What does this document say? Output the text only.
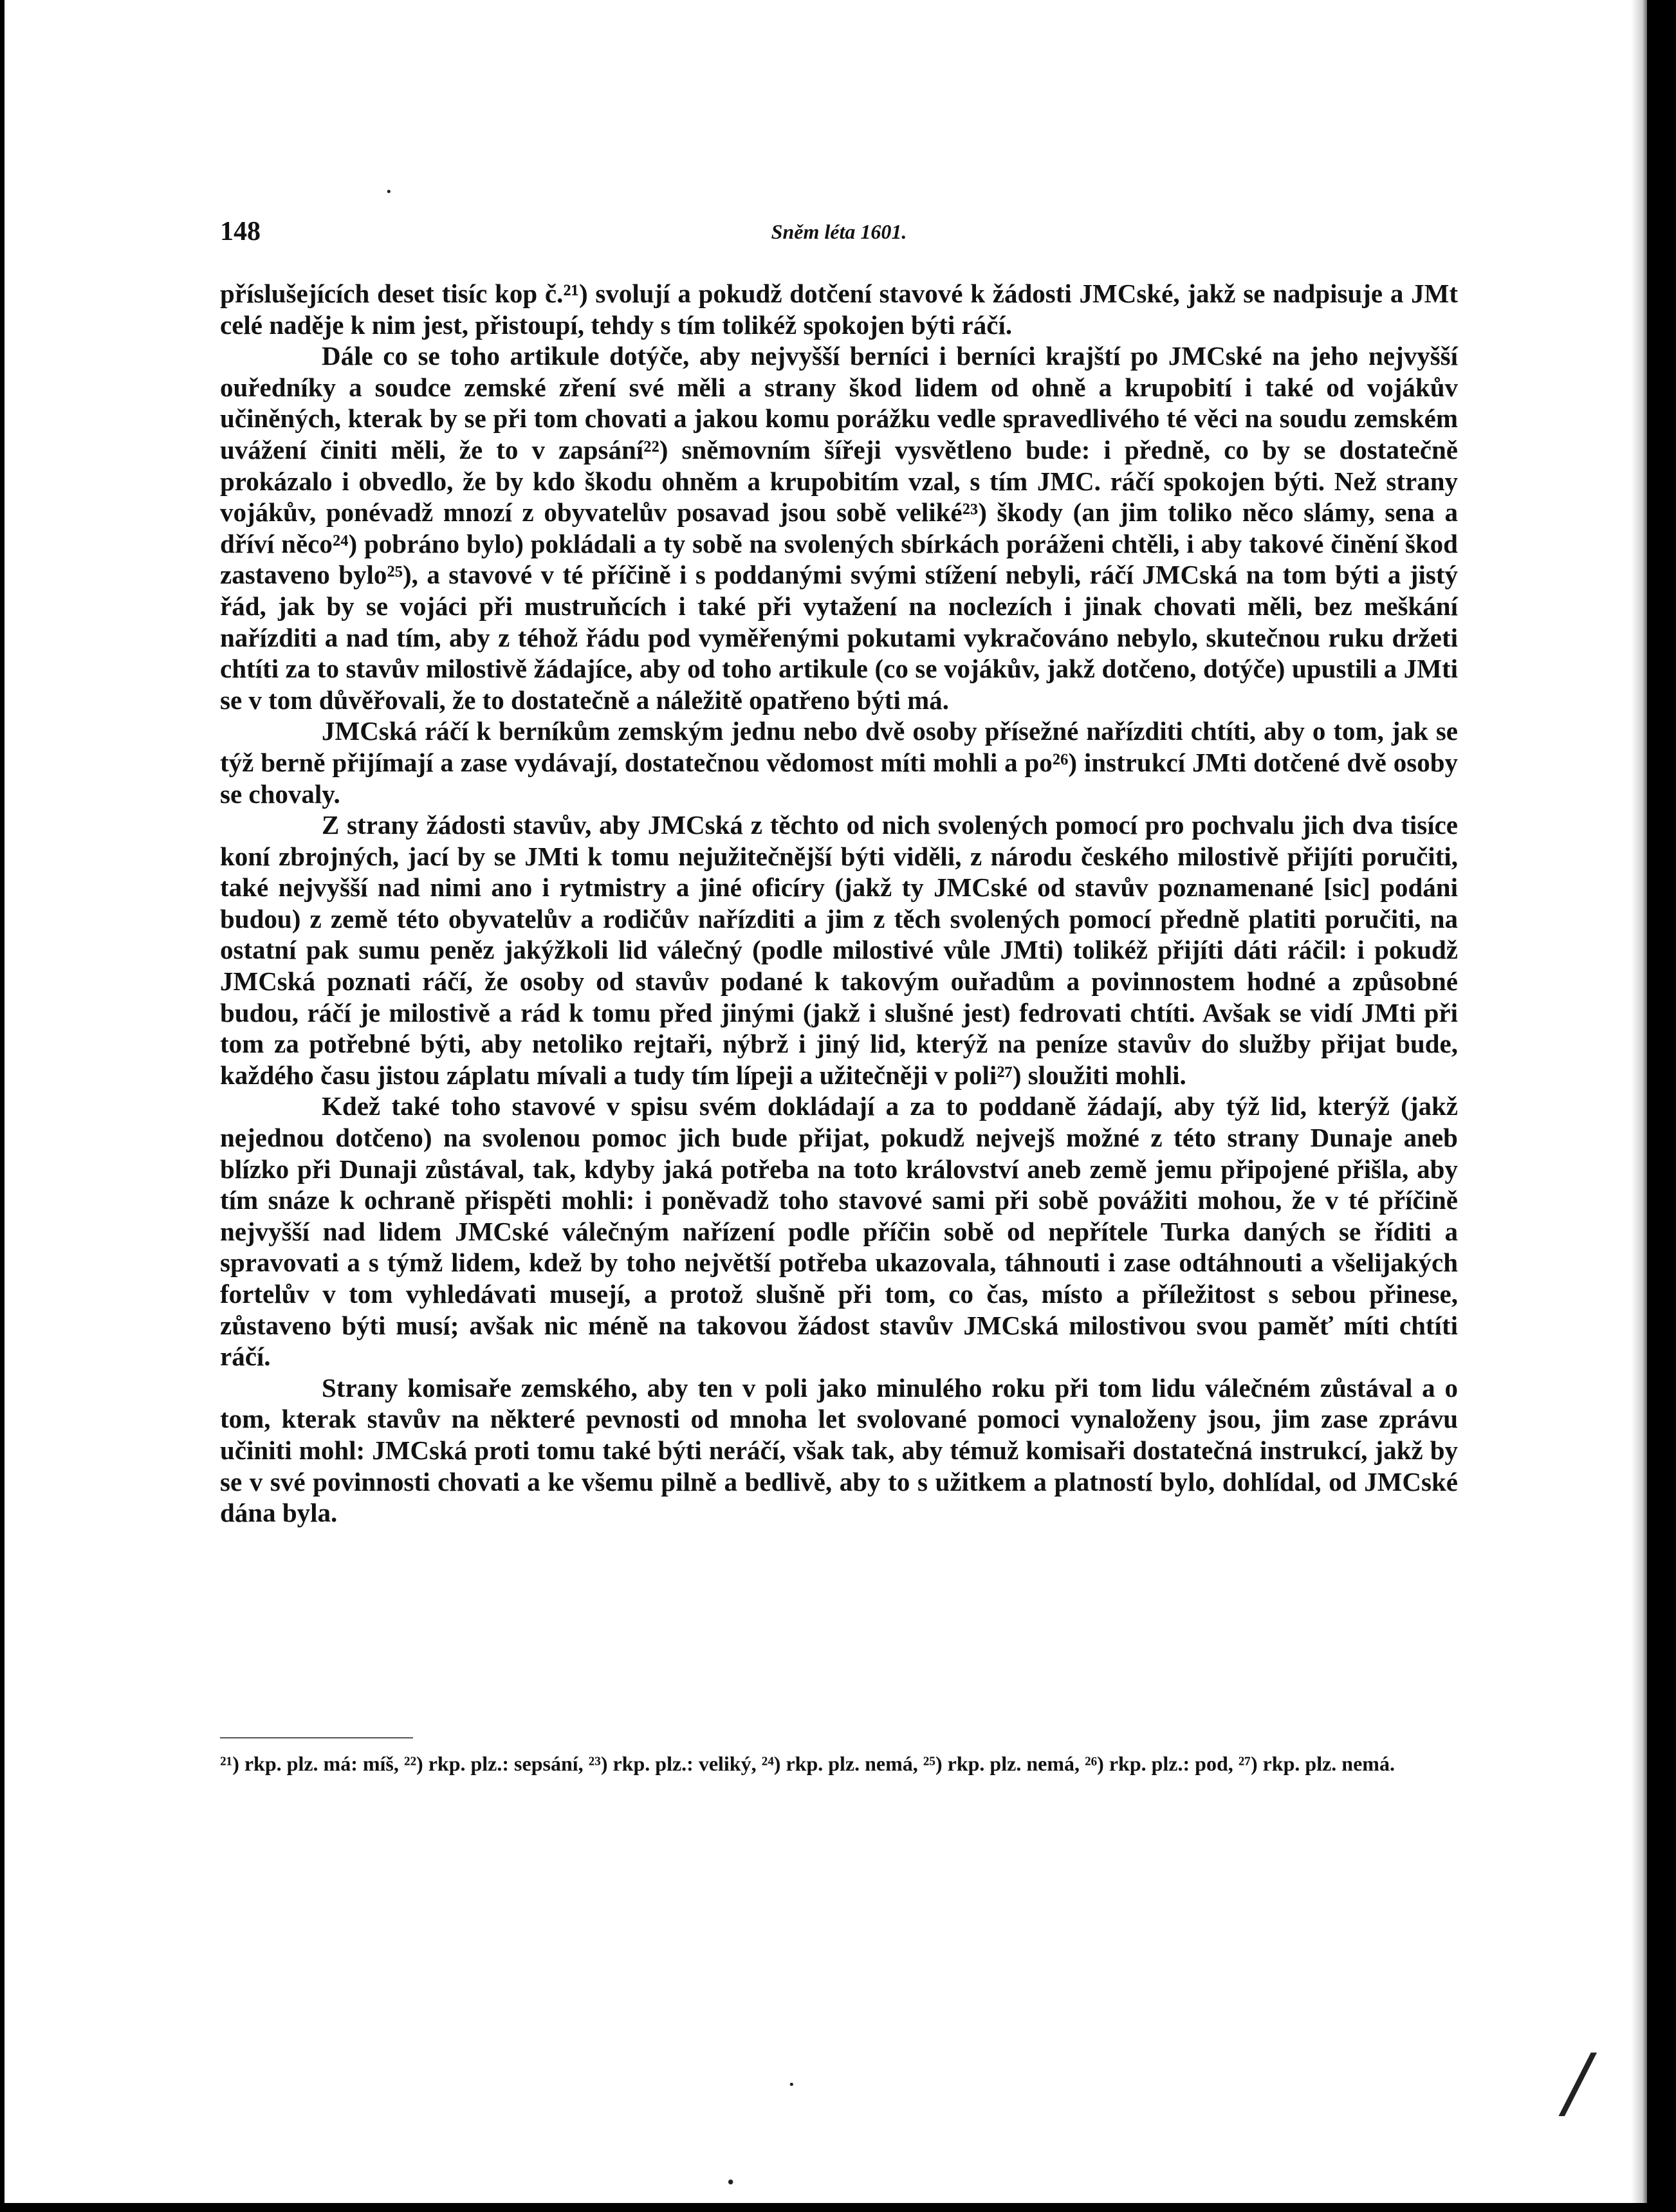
148	Sněm léta 1601.

příslušejících deset tisíc kop č.²¹) svolují a pokudž dotčení stavové k žádosti JMCské, jakž se nadpisuje a JMt celé naděje k nim jest, přistoupí, tehdy s tím tolikéž spokojen býti ráčí.

Dále co se toho artikule dotýče, aby nejvyšší berníci i berníci krajští po JMCské na jeho nejvyšší ouředníky a soudce zemské zření své měli a strany škod lidem od ohně a krupobití i také od vojákův učiněných, kterak by se při tom chovati a jakou komu porážku vedle spravedlivého té věci na soudu zemském uvážení činiti měli, že to v zapsání²²) sněmovním šířeji vysvětleno bude: i předně, co by se dostatečně prokázalo i obvedlo, že by kdo škodu ohněm a krupobitím vzal, s tím JMC. ráčí spokojen býti. Než strany vojákův, ponévadž mnozí z obyvatelův posavad jsou sobě veliké²³) škody (an jim toliko něco slámy, sena a dříví něco²⁴) pobráno bylo) pokládali a ty sobě na svolených sbírkách poráženi chtěli, i aby takové činění škod zastaveno bylo²⁵), a stavové v té příčině i s poddanými svými stížení nebyli, ráčí JMCská na tom býti a jistý řád, jak by se vojáci při mustruňcích i také při vytažení na noclezích i jinak chovati měli, bez meškání nařízditi a nad tím, aby z téhož řádu pod vyměřenými pokutami vykračováno nebylo, skutečnou ruku držeti chtíti za to stavův milostivě žádajíce, aby od toho artikule (co se vojákův, jakž dotčeno, dotýče) upustili a JMti se v tom důvěřovali, že to dostatečně a náležitě opatřeno býti má.

JMCská ráčí k berníkům zemským jednu nebo dvě osoby přísežné nařízditi chtíti, aby o tom, jak se týž berně přijímají a zase vydávají, dostatečnou vědomost míti mohli a po²⁶) instrukcí JMti dotčené dvě osoby se chovaly.

Z strany žádosti stavův, aby JMCská z těchto od nich svolených pomocí pro pochvalu jich dva tisíce koní zbrojných, jací by se JMti k tomu nejužitečnější býti viděli, z národu českého milostivě přijíti poručiti, také nejvyšší nad nimi ano i rytmistry a jiné oficíry (jakž ty JMCské od stavův poznamenané [sic] podáni budou) z země této obyvatelův a rodičův nařízditi a jim z těch svolených pomocí předně platiti poručiti, na ostatní pak sumu peněz jakýžkoli lid válečný (podle milostivé vůle JMti) tolikéž přijíti dáti ráčil: i pokudž JMCská poznati ráčí, že osoby od stavův podané k takovým ouřadům a povinnostem hodné a způsobné budou, ráčí je milostivě a rád k tomu před jinými (jakž i slušné jest) fedrovati chtíti. Avšak se vidí JMti při tom za potřebné býti, aby netoliko rejtaři, nýbrž i jiný lid, kterýž na peníze stavův do služby přijat bude, každého času jistou záplatu mívali a tudy tím lípeji a užitečněji v poli²⁷) sloužiti mohli.

Kdež také toho stavové v spisu svém dokládají a za to poddaně žádají, aby týž lid, kterýž (jakž nejednou dotčeno) na svolenou pomoc jich bude přijat, pokudž nejvejš možné z této strany Dunaje aneb blízko při Dunaji zůstával, tak, kdyby jaká potřeba na toto království aneb země jemu připojené přišla, aby tím snáze k ochraně přispěti mohli: i poněvadž toho stavové sami při sobě povážiti mohou, že v té příčině nejvyšší nad lidem JMCské válečným nařízení podle příčin sobě od nepřítele Turka daných se říditi a spravovati a s týmž lidem, kdež by toho největší potřeba ukazovala, táhnouti i zase odtáhnouti a všelijakých fortelův v tom vyhledávati musejí, a protož slušně při tom, co čas, místo a příležitost s sebou přinese, zůstaveno býti musí; avšak nic méně na takovou žádost stavův JMCská milostivou svou paměť míti chtíti ráčí.

Strany komisaře zemského, aby ten v poli jako minulého roku při tom lidu válečném zůstával a o tom, kterak stavův na některé pevnosti od mnoha let svolované pomoci vynaloženy jsou, jim zase zprávu učiniti mohl: JMCská proti tomu také býti neráčí, však tak, aby témuž komisaři dostatečná instrukcí, jakž by se v své povinnosti chovati a ke všemu pilně a bedlivě, aby to s užitkem a platností bylo, dohlídal, od JMCské dána byla.

²¹) rkp. plz. má: míš, ²²) rkp. plz.: sepsání, ²³) rkp. plz.: veliký, ²⁴) rkp. plz. nemá, ²⁵) rkp. plz. nemá, ²⁶) rkp. plz.: pod, ²⁷) rkp. plz. nemá.
•
•
•
/
